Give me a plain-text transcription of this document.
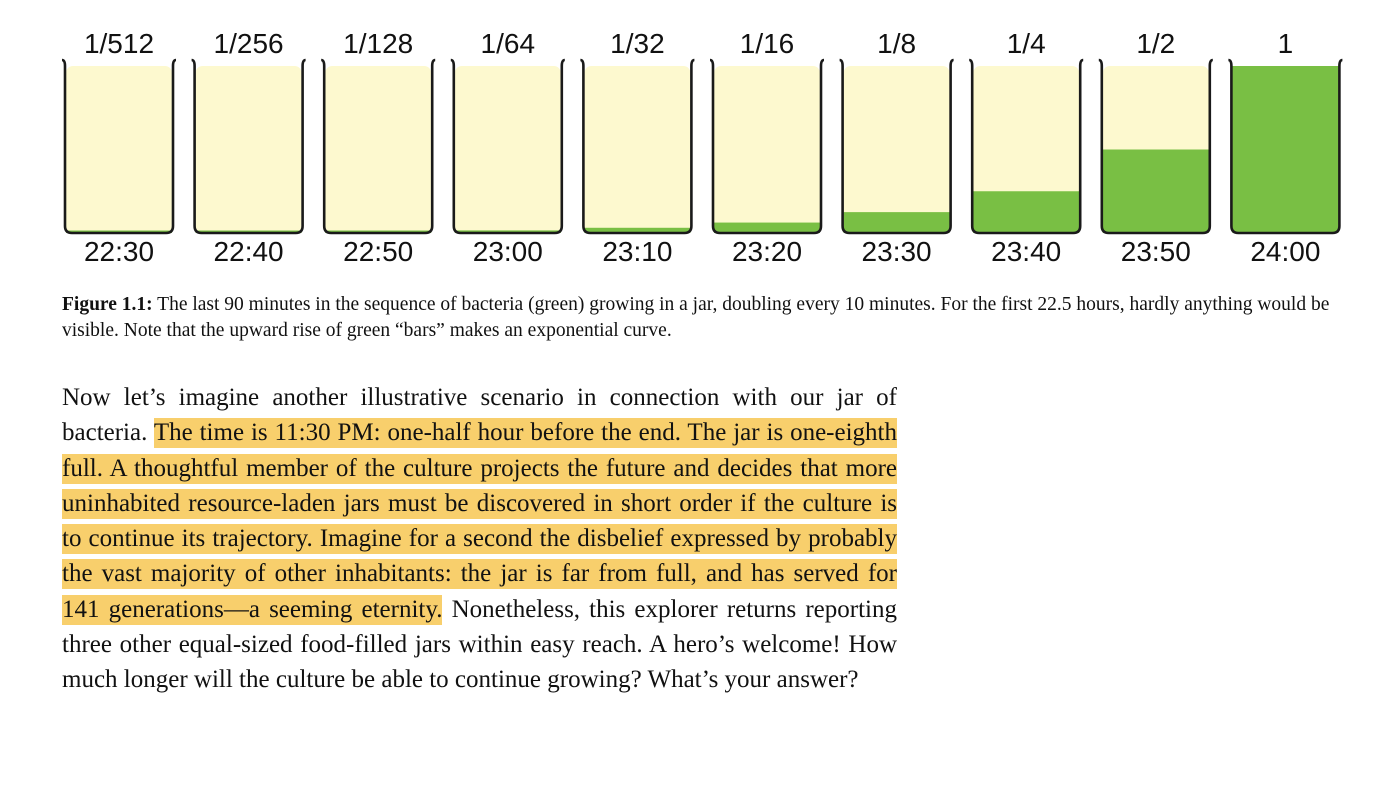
1/512
22:30
1/256
22:40
1/128
22:50
1/64
23:00
1/32
23:10
1/16
23:20
1/8
23:30
1/4
23:40
1/2
23:50
1
24:00
Figure 1.1: The last 90 minutes in the sequence of bacteria (green) growing in a jar, doubling every 10 minutes. For the first 22.5 hours, hardly anything would be visible. Note that the upward rise of green “bars” makes an exponential curve.
Now let’s imagine another illustrative scenario in connection with our jar of bacteria. The time is 11:30 PM: one-half hour before the end. The jar is one-eighth full. A thoughtful member of the culture projects the future and decides that more uninhabited resource-laden jars must be discovered in short order if the culture is to continue its trajectory. Imagine for a second the disbelief expressed by probably the vast majority of other inhabitants: the jar is far from full, and has served for 141 generations—a seeming eternity. Nonetheless, this explorer returns reporting three other equal-sized food-filled jars within easy reach. A hero’s welcome! How much longer will the culture be able to continue growing? What’s your answer?
